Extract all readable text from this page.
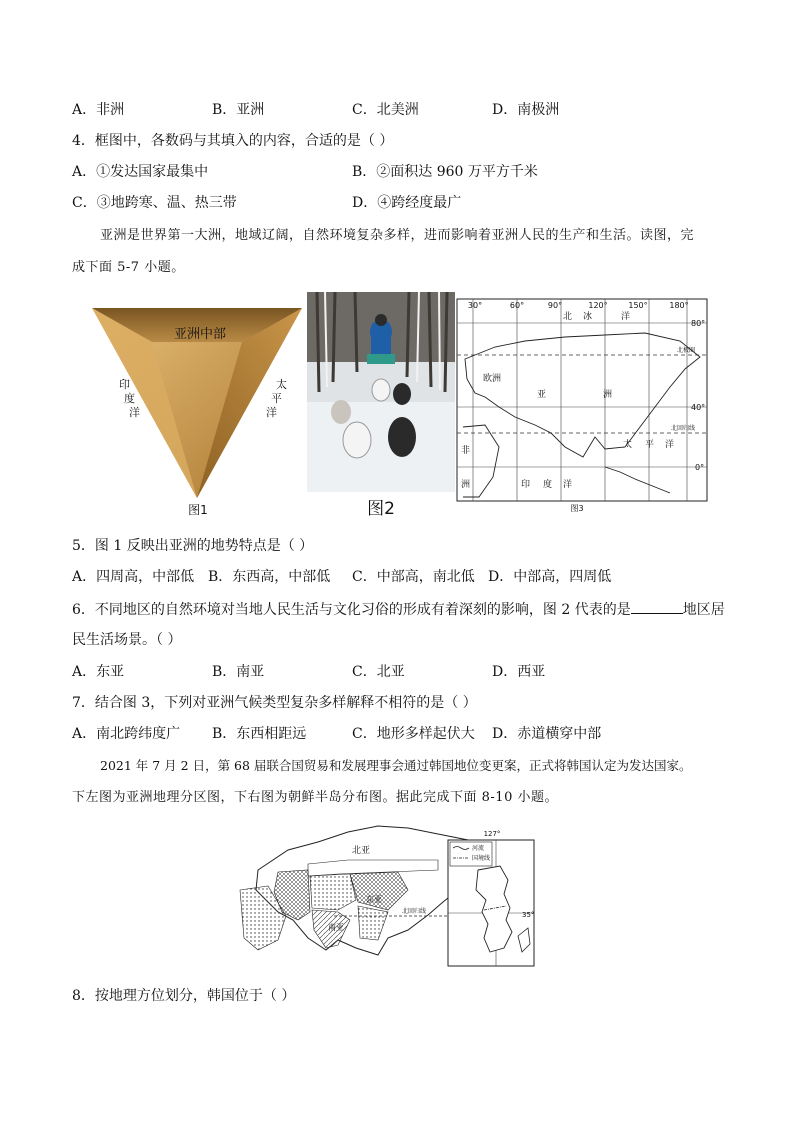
A．非洲	B．亚洲	C．北美洲	D．南极洲
4．框图中，各数码与其填入的内容，合适的是（ ）
A．①发达国家最集中	B．②面积达 960 万平方千米
C．③地跨寒、温、热三带	D．④跨经度最广
亚洲是世界第一大洲，地域辽阔，自然环境复杂多样，进而影响着亚洲人民的生产和生活。读图，完
成下面 5-7 小题。
亚洲中部
印
度
洋
太
平
洋
图1	图2
30°	60°	90°	120°	150°	180°
80°
40°
0°
北极圈
北回归线
北 冰	洋
欧洲
亚	洲
太 平 洋
非
洲	印 度 洋
图3
5．图 1 反映出亚洲的地势特点是（ ）
A．四周高，中部低 B．东西高，中部低 C．中部高，南北低 D．中部高，四周低
6．不同地区的自然环境对当地人民生活与文化习俗的形成有着深刻的影响，图 2 代表的是	地区居
民生活场景。（ ）
A．东亚	B．南亚	C．北亚	D．西亚
7．结合图 3，下列对亚洲气候类型复杂多样解释不相符的是（ ）
A．南北跨纬度广 B．东西相距远	C．地形多样起伏大 D．赤道横穿中部
2021 年 7 月 2 日，第 68 届联合国贸易和发展理事会通过韩国地位变更案，正式将韩国认定为发达国家。
下左图为亚洲地理分区图，下右图为朝鲜半岛分布图。据此完成下面 8-10 小题。
北亚
东亚
南亚
北回归线
河流
国境线
127°
35°
8．按地理方位划分，韩国位于（ ）
